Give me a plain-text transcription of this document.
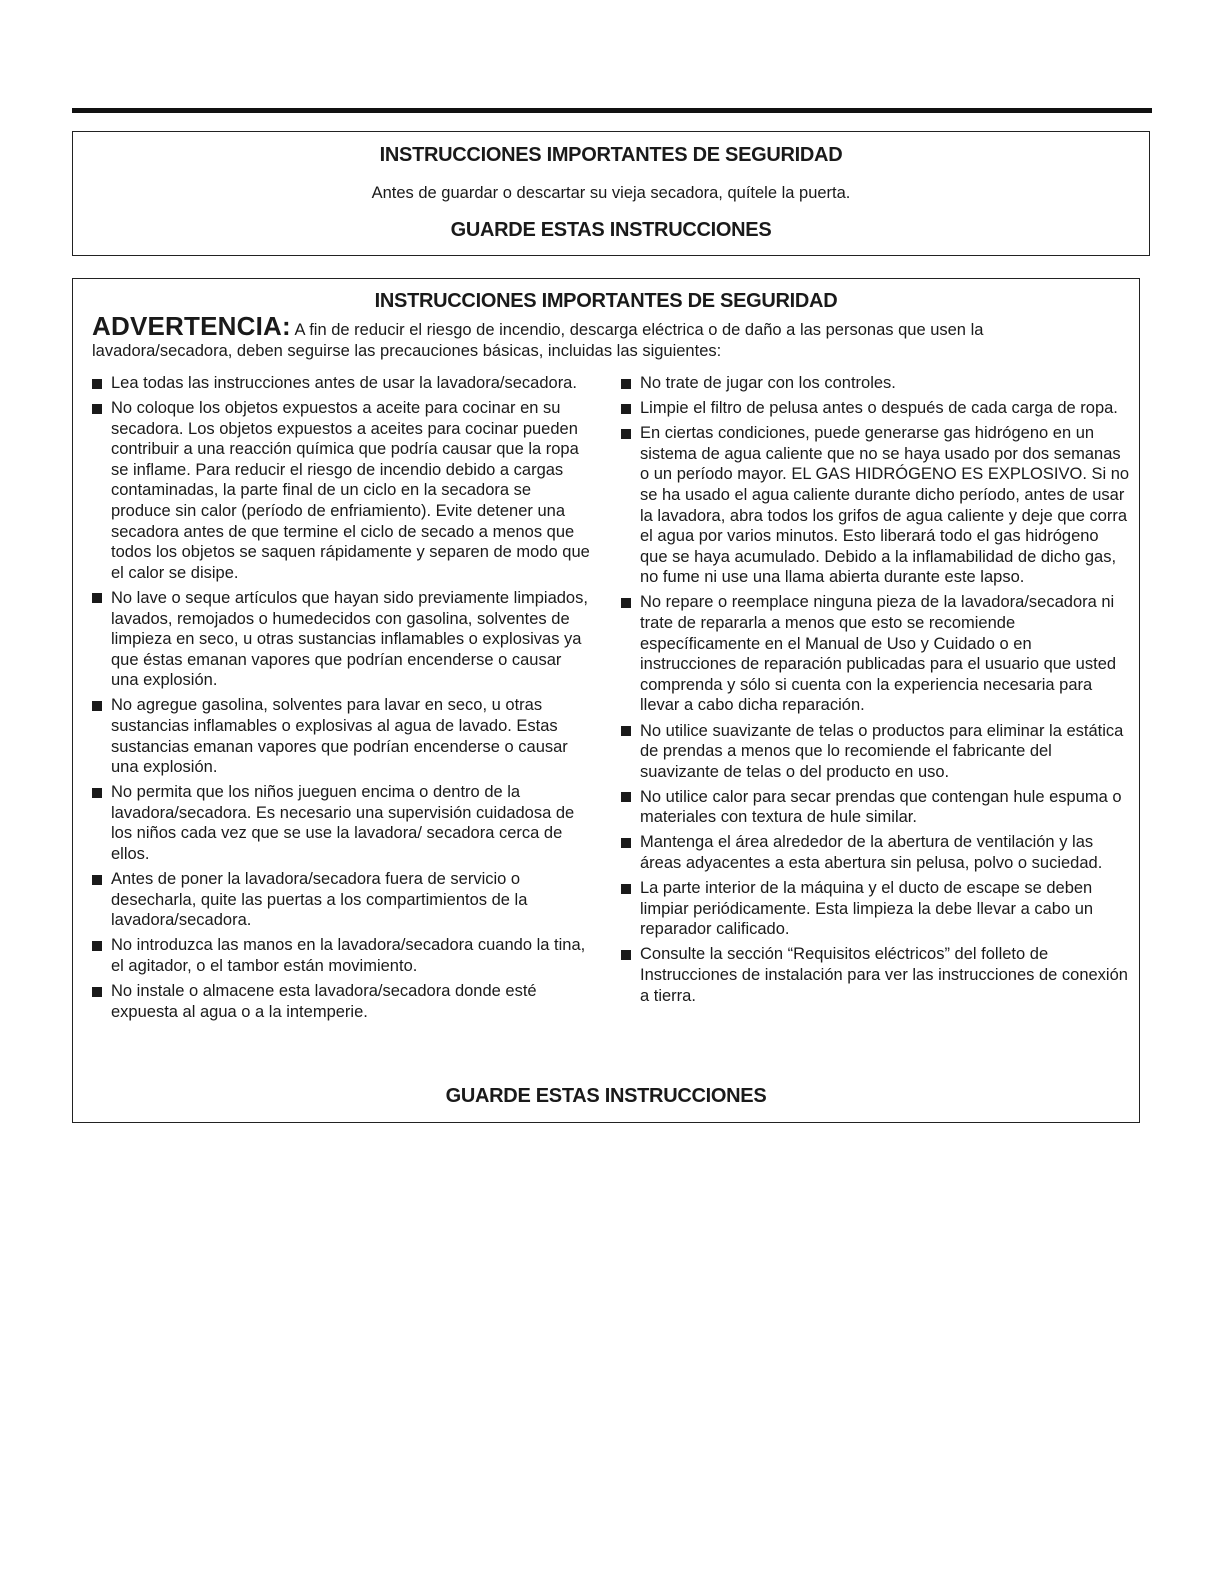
INSTRUCCIONES IMPORTANTES DE SEGURIDAD
Antes de guardar o descartar su vieja secadora, quítele la puerta.
GUARDE ESTAS INSTRUCCIONES
INSTRUCCIONES IMPORTANTES DE SEGURIDAD
ADVERTENCIA: A fin de reducir el riesgo de incendio, descarga eléctrica o de daño a las personas que usen la lavadora/secadora, deben seguirse las precauciones básicas, incluidas las siguientes:
Lea todas las instrucciones antes de usar la lavadora/secadora.
No coloque los objetos expuestos a aceite para cocinar en su secadora. Los objetos expuestos a aceites para cocinar pueden contribuir a una reacción química que podría causar que la ropa se inflame. Para reducir el riesgo de incendio debido a cargas contaminadas, la parte final de un ciclo en la secadora se produce sin calor (período de enfriamiento). Evite detener una secadora antes de que termine el ciclo de secado a menos que todos los objetos se saquen rápidamente y separen de modo que el calor se disipe.
No lave o seque artículos que hayan sido previamente limpiados, lavados, remojados o humedecidos con gasolina, solventes de limpieza en seco, u otras sustancias inflamables o explosivas ya que éstas emanan vapores que podrían encenderse o causar una explosión.
No agregue gasolina, solventes para lavar en seco, u otras sustancias inflamables o explosivas al agua de lavado. Estas sustancias emanan vapores que podrían encenderse o causar una explosión.
No permita que los niños jueguen encima o dentro de la lavadora/secadora. Es necesario una supervisión cuidadosa de los niños cada vez que se use la lavadora/ secadora cerca de ellos.
Antes de poner la lavadora/secadora fuera de servicio o desecharla, quite las puertas a los compartimientos de la lavadora/secadora.
No introduzca las manos en la lavadora/secadora cuando la tina, el agitador, o el tambor están movimiento.
No instale o almacene esta lavadora/secadora donde esté expuesta al agua o a la intemperie.
No trate de jugar con los controles.
Limpie el filtro de pelusa antes o después de cada carga de ropa.
En ciertas condiciones, puede generarse gas hidrógeno en un sistema de agua caliente que no se haya usado por dos semanas o un período mayor. EL GAS HIDRÓGENO ES EXPLOSIVO. Si no se ha usado el agua caliente durante dicho período, antes de usar la lavadora, abra todos los grifos de agua caliente y deje que corra el agua por varios minutos. Esto liberará todo el gas hidrógeno que se haya acumulado. Debido a la inflamabilidad de dicho gas, no fume ni use una llama abierta durante este lapso.
No repare o reemplace ninguna pieza de la lavadora/secadora ni trate de repararla a menos que esto se recomiende específicamente en el Manual de Uso y Cuidado o en instrucciones de reparación publicadas para el usuario que usted comprenda y sólo si cuenta con la experiencia necesaria para llevar a cabo dicha reparación.
No utilice suavizante de telas o productos para eliminar la estática de prendas a menos que lo recomiende el fabricante del suavizante de telas o del producto en uso.
No utilice calor para secar prendas que contengan hule espuma o materiales con textura de hule similar.
Mantenga el área alrededor de la abertura de ventilación y las áreas adyacentes a esta abertura sin pelusa, polvo o suciedad.
La parte interior de la máquina y el ducto de escape se deben limpiar periódicamente. Esta limpieza la debe llevar a cabo un reparador calificado.
Consulte la sección “Requisitos eléctricos” del folleto de Instrucciones de instalación para ver las instrucciones de conexión a tierra.
GUARDE ESTAS INSTRUCCIONES
